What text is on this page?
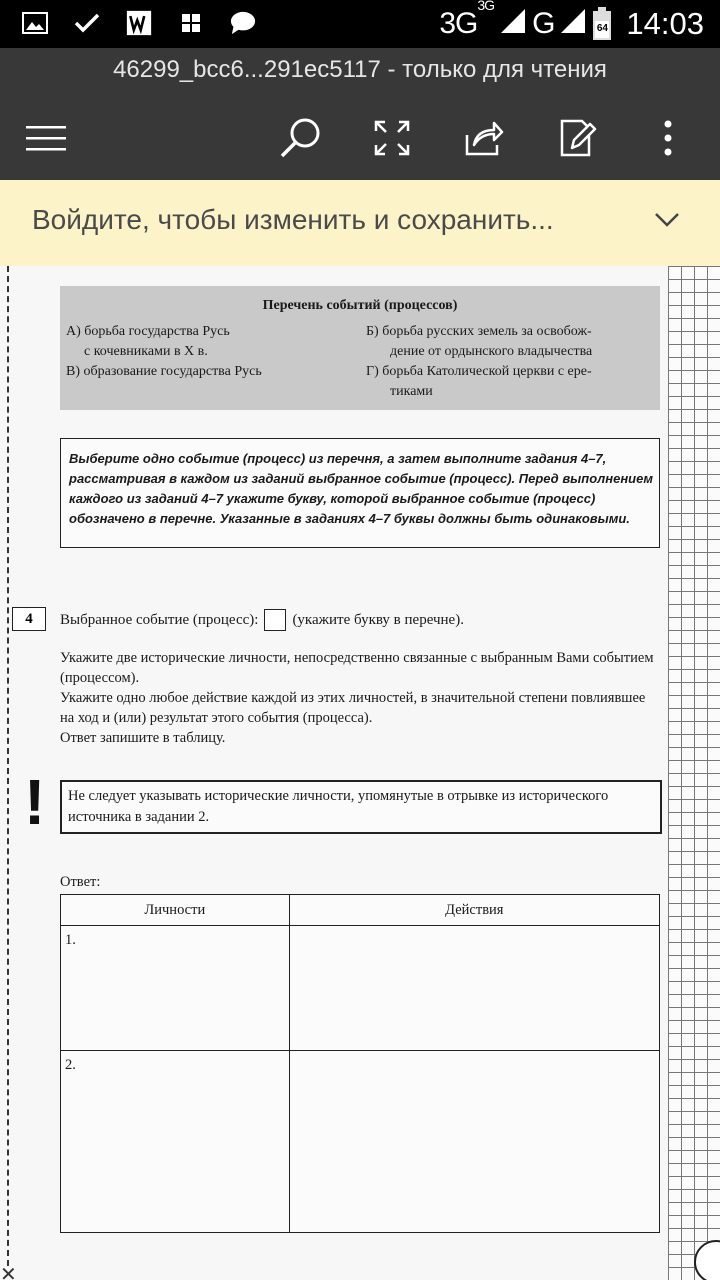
$3G^{3G}$
G	64 14:03
46299_bcc6...291ec5117 - только для чтения
Войдите, чтобы изменить и сохранить...
Перечень событий (процессов)
А) борьба государства Русь
с кочевниками в X в.
В) образование государства Русь
Б) борьба русских земель за освобож-
дение от ордынского владычества
Г) борьба Католической церкви с ере-
тиками
Выберите одно событие (процесс) из перечня, а затем выполните задания 4–7, рассматривая в каждом из заданий выбранное событие (процесс). Перед выполнением каждого из заданий 4–7 укажите букву, которой выбранное событие (процесс) обозначено в перечне. Указанные в заданиях 4–7 буквы должны быть одинаковыми.
4	Выбранное событие (процесс): (укажите букву в перечне).
Укажите две исторические личности, непосредственно связанные с выбранным Вами событием (процессом).
Укажите одно любое действие каждой из этих личностей, в значительной степени повлиявшее на ход и (или) результат этого события (процесса).
Ответ запишите в таблицу.
! Не следует указывать исторические личности, упомянутые в отрывке из исторического источника в задании 2.
Ответ:
Личности	Действия
1.	
2.	
✕
